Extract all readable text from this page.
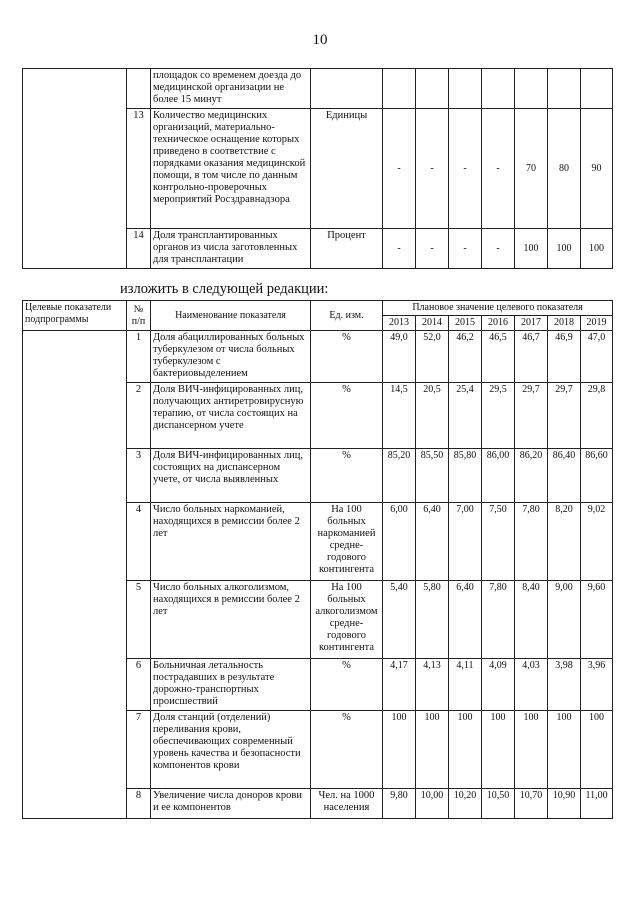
10
		площадок со временем доезда до медицинской организации не более 15 минут								
	13	Количество медицинских организаций, материально-техническое оснащение которых приведено в соответствие с порядками оказания медицинской помощи, в том числе по данным контрольно-проверочных мероприятий Росздравнадзора	Единицы	-	-	-	-	70	80	90
	14	Доля трансплантированных органов из числа заготовленных для трансплантации	Процент	-	-	-	-	100	100	100
изложить в следующей редакции:
Целевые показатели подпрограммы	№ п/п	Наименование показателя	Ед. изм.	Плановое значение целевого показателя						
				2013	2014	2015	2016	2017	2018	2019
	1	Доля абациллированных больных туберкулезом от числа больных туберкулезом с бактериовыделением	%	49,0	52,0	46,2	46,5	46,7	46,9	47,0
	2	Доля ВИЧ-инфицированных лиц, получающих антиретровирусную терапию, от числа состоящих на диспансерном учете	%	14,5	20,5	25,4	29,5	29,7	29,7	29,8
	3	Доля ВИЧ-инфицированных лиц, состоящих на диспансерном учете, от числа выявленных	%	85,20	85,50	85,80	86,00	86,20	86,40	86,60
	4	Число больных наркоманией, находящихся в ремиссии более 2 лет	На 100 больных наркоманией средне-годового контингента	6,00	6,40	7,00	7,50	7,80	8,20	9,02
	5	Число больных алкоголизмом, находящихся в ремиссии более 2 лет	На 100 больных алкоголизмом средне-годового контингента	5,40	5,80	6,40	7,80	8,40	9,00	9,60
	6	Больничная летальность пострадавших в результате дорожно-транспортных происшествий	%	4,17	4,13	4,11	4,09	4,03	3,98	3,96
	7	Доля станций (отделений) переливания крови, обеспечивающих современный уровень качества и безопасности компонентов крови	%	100	100	100	100	100	100	100
	8	Увеличение числа доноров крови и ее компонентов	Чел. на 1000 населения	9,80	10,00	10,20	10,50	10,70	10,90	11,00
